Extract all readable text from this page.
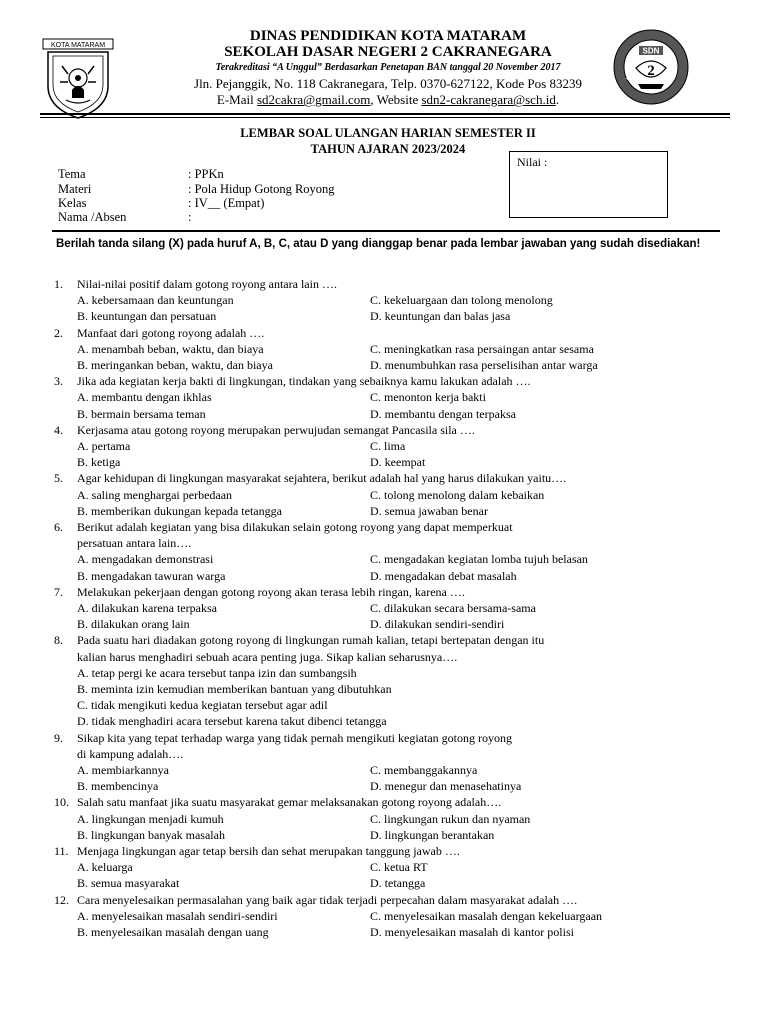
KOTA MATARAM
SDN
2
DINAS PENDIDIKAN KOTA MATARAM
SEKOLAH DASAR NEGERI 2 CAKRANEGARA
Terakreditasi “A Unggul” Berdasarkan Penetapan BAN tanggal 20 November 2017
Jln. Pejanggik, No. 118 Cakranegara, Telp. 0370-627122, Kode Pos 83239
E-Mail sd2cakra@gmail.com, Website sdn2-cakranegara@sch.id.
LEMBAR SOAL ULANGAN HARIAN SEMESTER II
TAHUN AJARAN 2023/2024
Nilai :
Tema	: PPKn
Materi	: Pola Hidup Gotong Royong
Kelas	: IV__ (Empat)
Nama /Absen	:
Berilah tanda silang (X) pada huruf A, B, C, atau D yang dianggap benar pada lembar jawaban yang sudah disediakan!
1. Nilai-nilai positif dalam gotong royong antara lain ….
A. kebersamaan dan keuntungan	C. kekeluargaan dan tolong menolong
B. keuntungan dan persatuan	D. keuntungan dan balas jasa
2. Manfaat dari gotong royong adalah ….
A. menambah beban, waktu, dan biaya	C. meningkatkan rasa persaingan antar sesama
B. meringankan beban, waktu, dan biaya	D. menumbuhkan rasa perselisihan antar warga
3. Jika ada kegiatan kerja bakti di lingkungan, tindakan yang sebaiknya kamu lakukan adalah ….
A. membantu dengan ikhlas	C. menonton kerja bakti
B. bermain bersama teman	D. membantu dengan terpaksa
4. Kerjasama atau gotong royong merupakan perwujudan semangat Pancasila sila ….
A. pertama	C. lima
B. ketiga	D. keempat
5. Agar kehidupan di lingkungan masyarakat sejahtera, berikut adalah hal yang harus dilakukan yaitu….
A. saling menghargai perbedaan	C. tolong menolong dalam kebaikan
B. memberikan dukungan kepada tetangga	D. semua jawaban benar
6. Berikut adalah kegiatan yang bisa dilakukan selain gotong royong yang dapat memperkuat
persatuan antara lain….
A. mengadakan demonstrasi	C. mengadakan kegiatan lomba tujuh belasan
B. mengadakan tawuran warga	D. mengadakan debat masalah
7. Melakukan pekerjaan dengan gotong royong akan terasa lebih ringan, karena ….
A. dilakukan karena terpaksa	C. dilakukan secara bersama-sama
B. dilakukan orang lain	D. dilakukan sendiri-sendiri
8. Pada suatu hari diadakan gotong royong di lingkungan rumah kalian, tetapi bertepatan dengan itu
kalian harus menghadiri sebuah acara penting juga. Sikap kalian seharusnya….
A. tetap pergi ke acara tersebut tanpa izin dan sumbangsih
B. meminta izin kemudian memberikan bantuan yang dibutuhkan
C. tidak mengikuti kedua kegiatan tersebut agar adil
D. tidak menghadiri acara tersebut karena takut dibenci tetangga
9. Sikap kita yang tepat terhadap warga yang tidak pernah mengikuti kegiatan gotong royong
di kampung adalah….
A. membiarkannya	C. membanggakannya
B. membencinya	D. menegur dan menasehatinya
10. Salah satu manfaat jika suatu masyarakat gemar melaksanakan gotong royong adalah….
A. lingkungan menjadi kumuh	C. lingkungan rukun dan nyaman
B. lingkungan banyak masalah	D. lingkungan berantakan
11. Menjaga lingkungan agar tetap bersih dan sehat merupakan tanggung jawab ….
A. keluarga	C. ketua RT
B. semua masyarakat	D. tetangga
12. Cara menyelesaikan permasalahan yang baik agar tidak terjadi perpecahan dalam masyarakat adalah ….
A. menyelesaikan masalah sendiri-sendiri	C. menyelesaikan masalah dengan kekeluargaan
B. menyelesaikan masalah dengan uang	D. menyelesaikan masalah di kantor polisi
